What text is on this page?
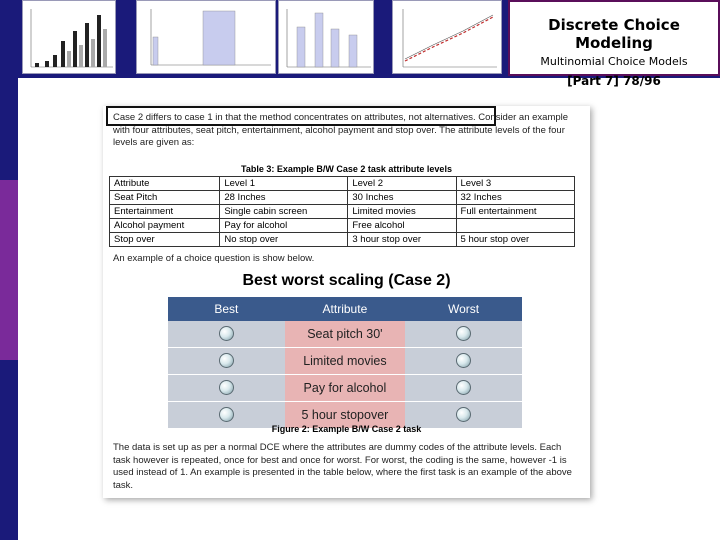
Discrete Choice Modeling
Multinomial Choice Models
[Part 7] 78/96
Case 2 differs to case 1 in that the method concentrates on attributes, not alternatives. Consider an example with four attributes, seat pitch, entertainment, alcohol payment and stop over. The attribute levels of the four levels are given as:
Table 3: Example B/W Case 2 task attribute levels
Attribute	Level 1	Level 2	Level 3
Seat Pitch	28 Inches	30 Inches	32 Inches
Entertainment	Single cabin screen	Limited movies	Full entertainment
Alcohol payment	Pay for alcohol	Free alcohol	
Stop over	No stop over	3 hour stop over	5 hour stop over
An example of a choice question is show below.
Best worst scaling (Case 2)
Best	Attribute	Worst
	Seat pitch 30'	
	Limited movies	
	Pay for alcohol	
	5 hour stopover	
Figure 2: Example B/W Case 2 task
The data is set up as per a normal DCE where the attributes are dummy codes of the attribute levels. Each task however is repeated, once for best and once for worst. For worst, the coding is the same, however -1 is used instead of 1. An example is presented in the table below, where the first task is an example of the above task.
